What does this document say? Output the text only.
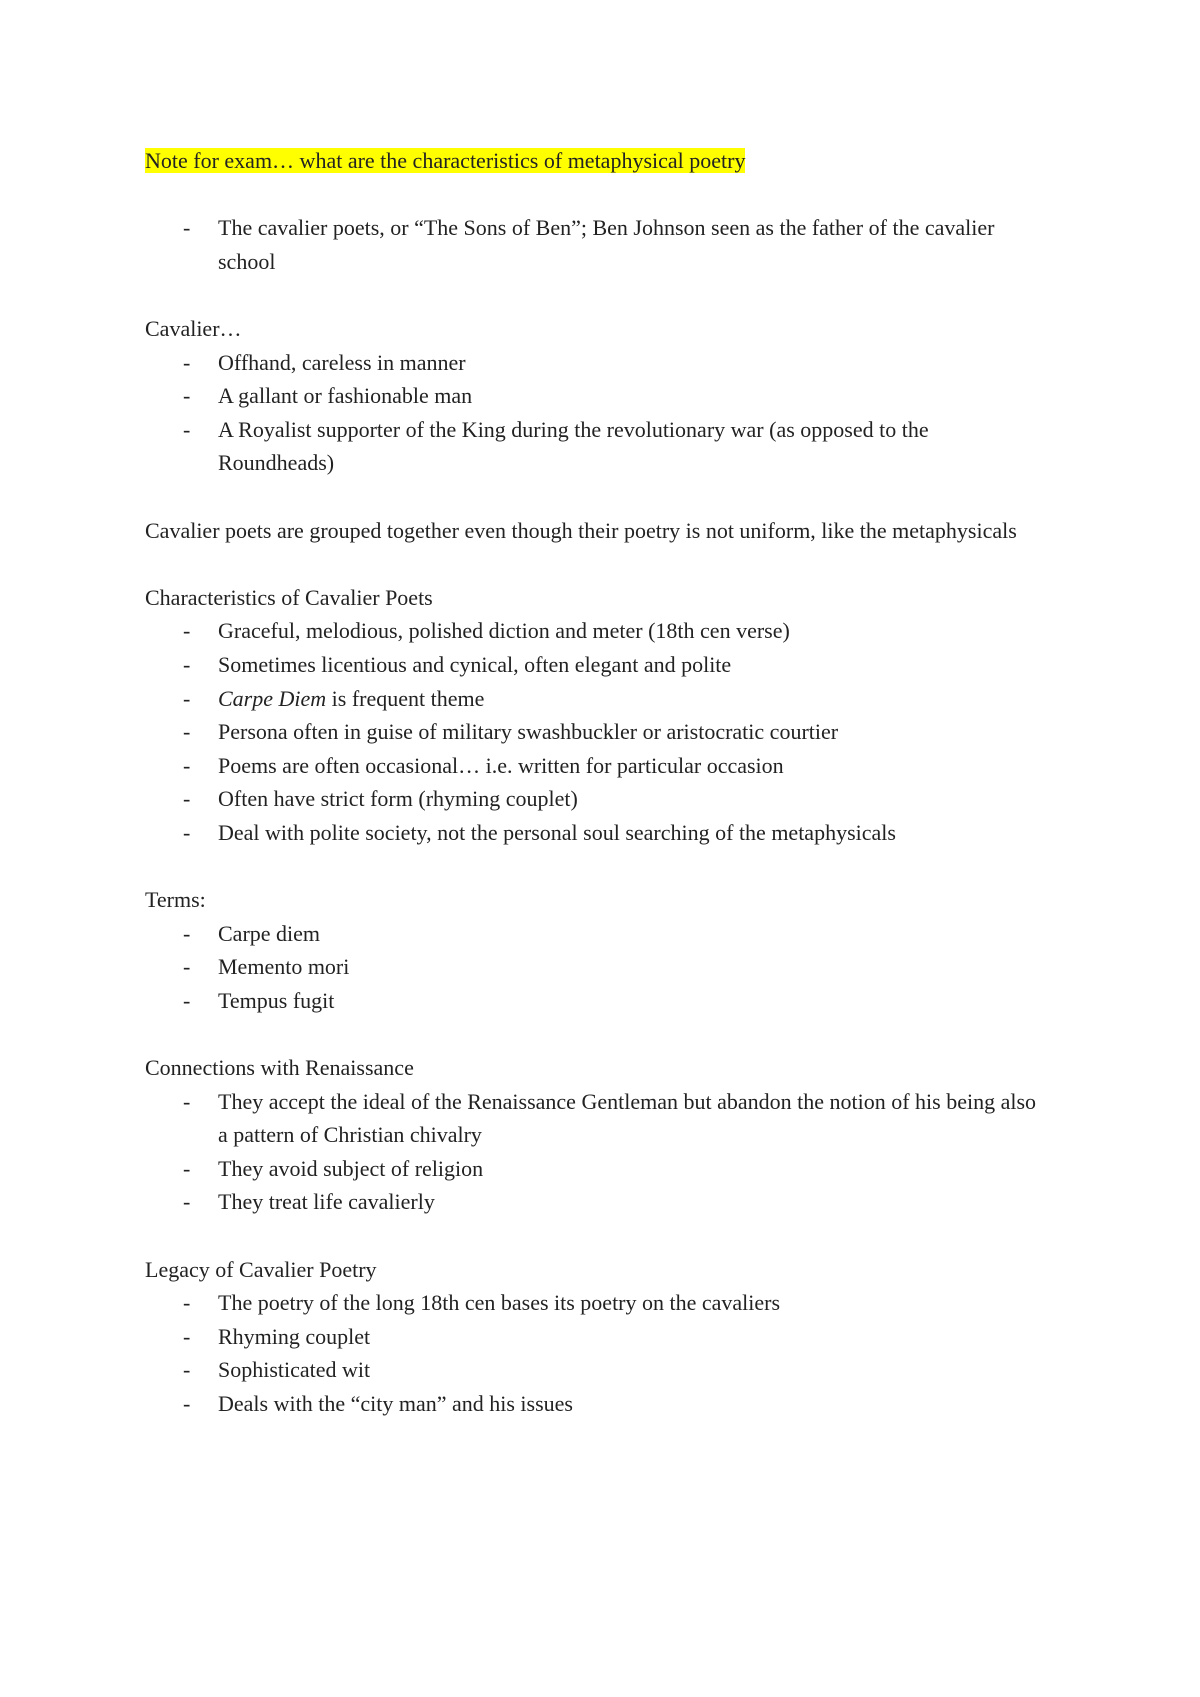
Note for exam… what are the characteristics of metaphysical poetry

- The cavalier poets, or “The Sons of Ben”; Ben Johnson seen as the father of the cavalier school

Cavalier…

- Offhand, careless in manner
- A gallant or fashionable man
- A Royalist supporter of the King during the revolutionary war (as opposed to the Roundheads)

Cavalier poets are grouped together even though their poetry is not uniform, like the metaphysicals

Characteristics of Cavalier Poets

- Graceful, melodious, polished diction and meter (18th cen verse)
- Sometimes licentious and cynical, often elegant and polite
- Carpe Diem is frequent theme
- Persona often in guise of military swashbuckler or aristocratic courtier
- Poems are often occasional… i.e. written for particular occasion
- Often have strict form (rhyming couplet)
- Deal with polite society, not the personal soul searching of the metaphysicals

Terms:

- Carpe diem
- Memento mori
- Tempus fugit

Connections with Renaissance

- They accept the ideal of the Renaissance Gentleman but abandon the notion of his being also a pattern of Christian chivalry
- They avoid subject of religion
- They treat life cavalierly

Legacy of Cavalier Poetry

- The poetry of the long 18th cen bases its poetry on the cavaliers
- Rhyming couplet
- Sophisticated wit
- Deals with the “city man” and his issues
